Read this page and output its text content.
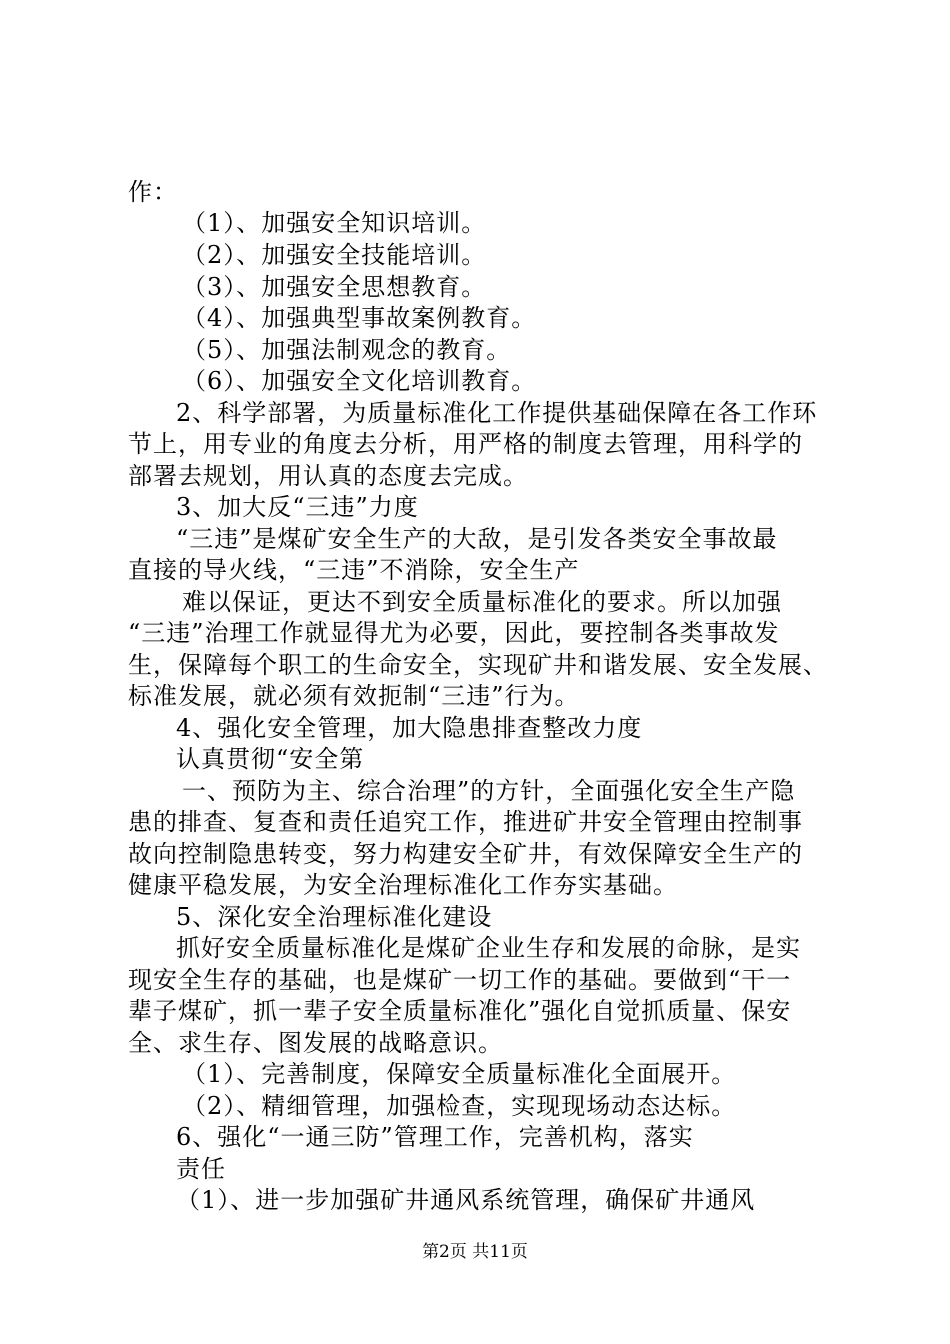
作：
（1）、加强安全知识培训。
（2）、加强安全技能培训。
（3）、加强安全思想教育。
（4）、加强典型事故案例教育。
（5）、加强法制观念的教育。
（6）、加强安全文化培训教育。
2、科学部署，为质量标准化工作提供基础保障在各工作环
节上，用专业的角度去分析，用严格的制度去管理，用科学的
部署去规划，用认真的态度去完成。
3、加大反“三违”力度
“三违”是煤矿安全生产的大敌，是引发各类安全事故最
直接的导火线，“三违”不消除，安全生产
难以保证，更达不到安全质量标准化的要求。所以加强
“三违”治理工作就显得尤为必要，因此，要控制各类事故发
生，保障每个职工的生命安全，实现矿井和谐发展、安全发展、
标准发展，就必须有效扼制“三违”行为。
4、强化安全管理，加大隐患排查整改力度
认真贯彻“安全第
一、预防为主、综合治理”的方针，全面强化安全生产隐
患的排查、复查和责任追究工作，推进矿井安全管理由控制事
故向控制隐患转变，努力构建安全矿井，有效保障安全生产的
健康平稳发展，为安全治理标准化工作夯实基础。
5、深化安全治理标准化建设
抓好安全质量标准化是煤矿企业生存和发展的命脉，是实
现安全生存的基础，也是煤矿一切工作的基础。要做到“干一
辈子煤矿，抓一辈子安全质量标准化”强化自觉抓质量、保安
全、求生存、图发展的战略意识。
（1）、完善制度，保障安全质量标准化全面展开。
（2）、精细管理，加强检查，实现现场动态达标。
6、强化“一通三防”管理工作，完善机构，落实
责任
（1）、进一步加强矿井通风系统管理，确保矿井通风
第2页 共11页
